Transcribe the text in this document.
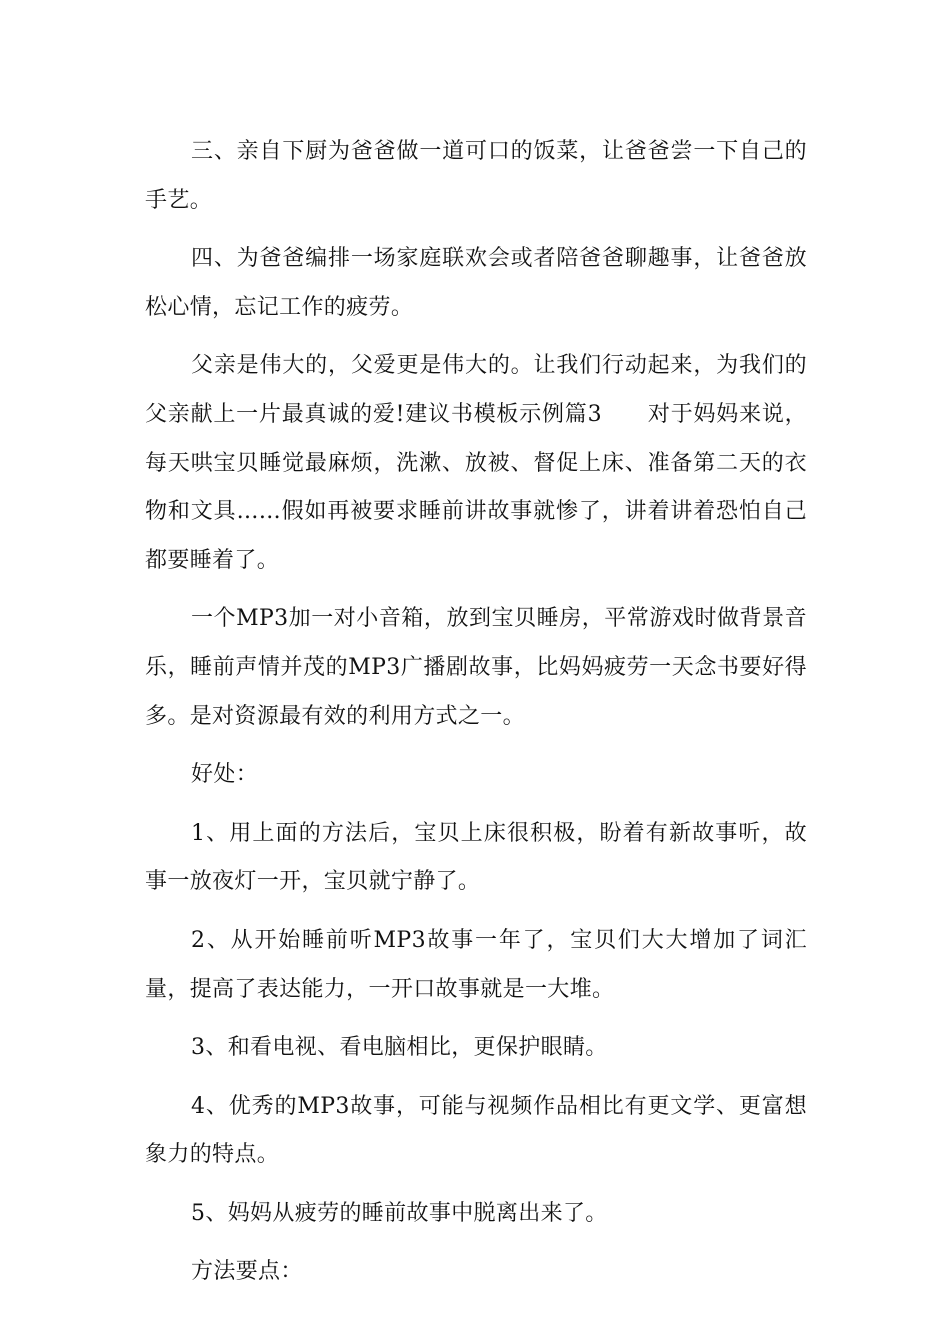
三、亲自下厨为爸爸做一道可口的饭菜，让爸爸尝一下自己的手艺。

四、为爸爸编排一场家庭联欢会或者陪爸爸聊趣事，让爸爸放松心情，忘记工作的疲劳。

父亲是伟大的，父爱更是伟大的。让我们行动起来，为我们的父亲献上一片最真诚的爱!建议书模板示例篇3　　对于妈妈来说，每天哄宝贝睡觉最麻烦，洗漱、放被、督促上床、准备第二天的衣物和文具……假如再被要求睡前讲故事就惨了，讲着讲着恐怕自己都要睡着了。

一个MP3加一对小音箱，放到宝贝睡房，平常游戏时做背景音乐，睡前声情并茂的MP3广播剧故事，比妈妈疲劳一天念书要好得多。是对资源最有效的利用方式之一。

好处：

1、用上面的方法后，宝贝上床很积极，盼着有新故事听，故事一放夜灯一开，宝贝就宁静了。

2、从开始睡前听MP3故事一年了，宝贝们大大增加了词汇量，提高了表达能力，一开口故事就是一大堆。

3、和看电视、看电脑相比，更保护眼睛。

4、优秀的MP3故事，可能与视频作品相比有更文学、更富想象力的特点。

5、妈妈从疲劳的睡前故事中脱离出来了。

方法要点：
